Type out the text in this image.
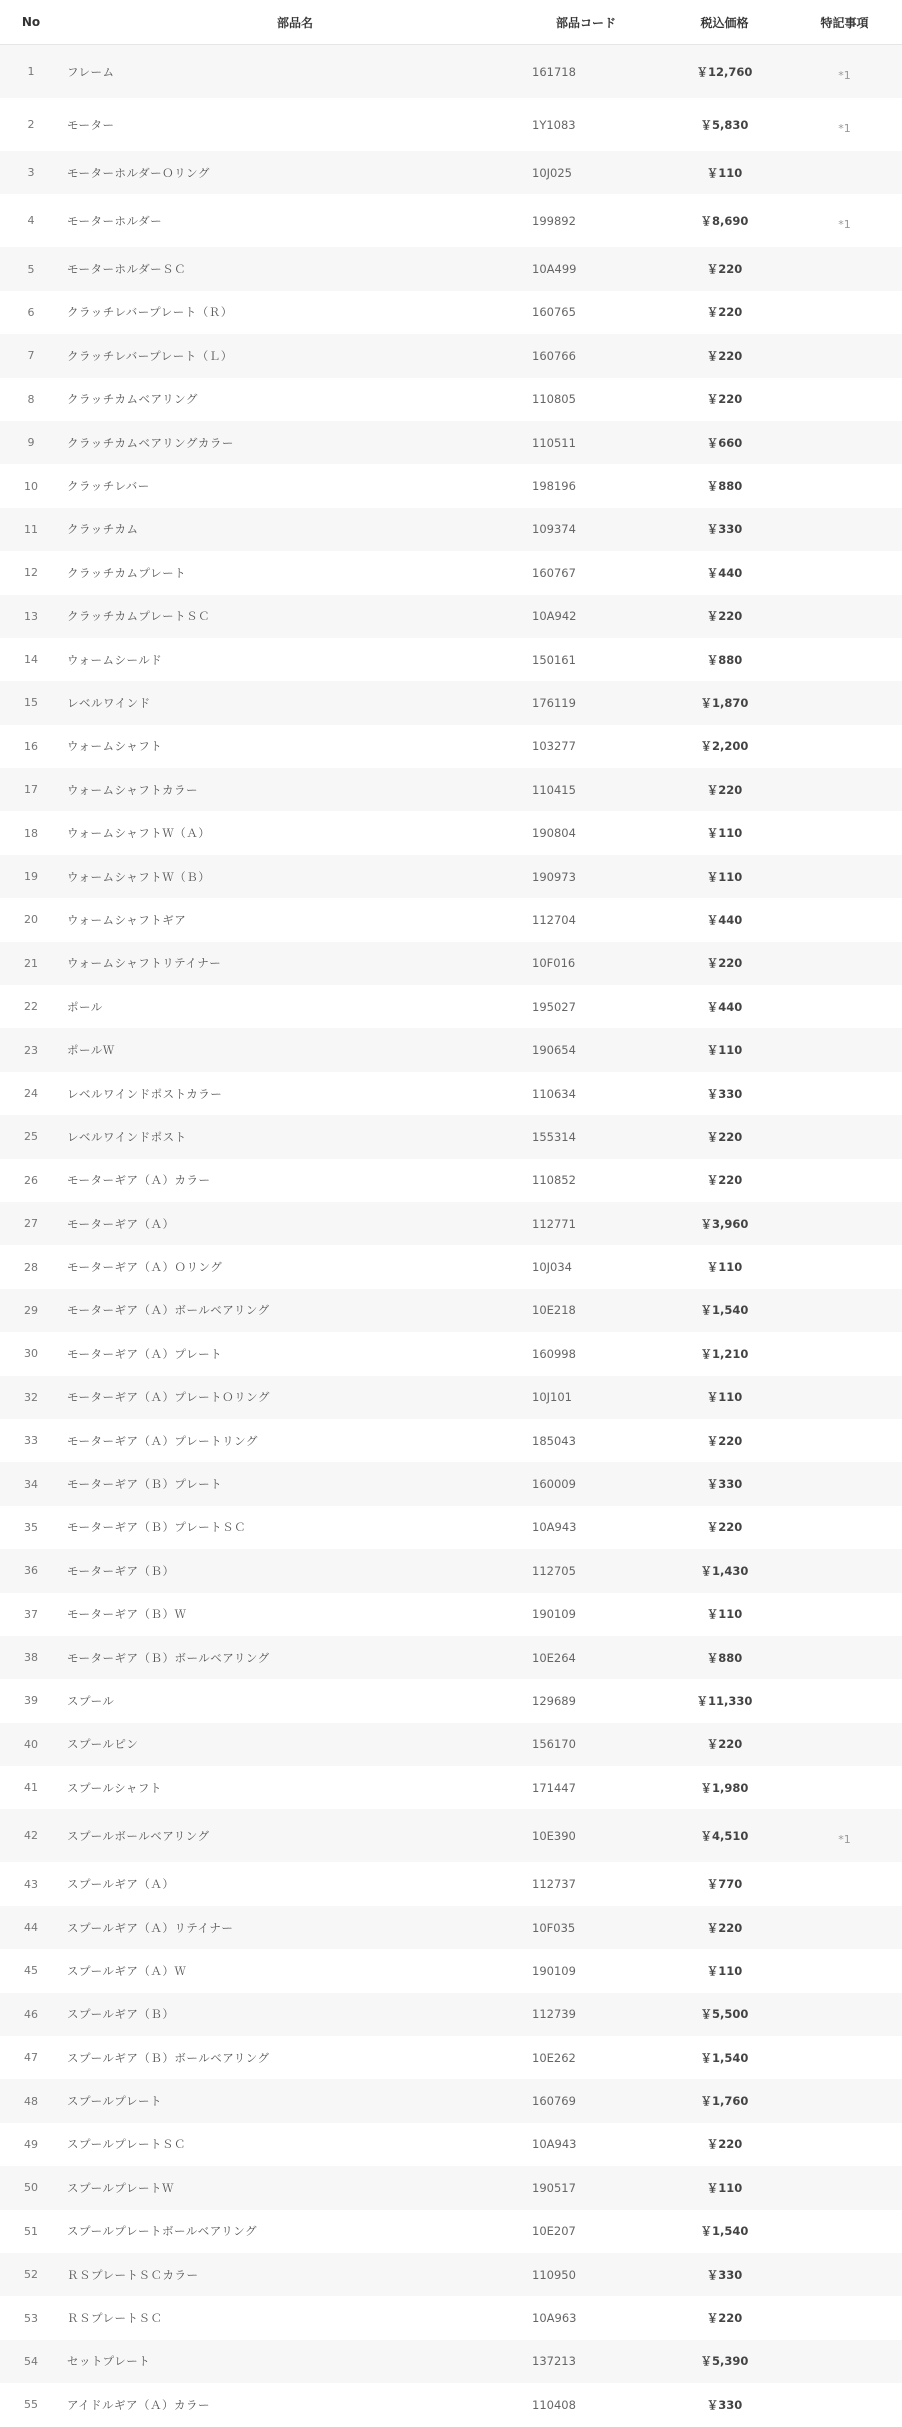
No	部品名	部品コード	税込価格	特記事項
1	フレーム	161718	￥12,760	*1
2	モーター	1Y1083	￥5,830	*1
3	モーターホルダーＯリング	10J025	￥110	
4	モーターホルダー	199892	￥8,690	*1
5	モーターホルダーＳＣ	10A499	￥220	
6	クラッチレバープレート（Ｒ）	160765	￥220	
7	クラッチレバープレート（Ｌ）	160766	￥220	
8	クラッチカムベアリング	110805	￥220	
9	クラッチカムベアリングカラー	110511	￥660	
10	クラッチレバー	198196	￥880	
11	クラッチカム	109374	￥330	
12	クラッチカムプレート	160767	￥440	
13	クラッチカムプレートＳＣ	10A942	￥220	
14	ウォームシールド	150161	￥880	
15	レベルワインド	176119	￥1,870	
16	ウォームシャフト	103277	￥2,200	
17	ウォームシャフトカラー	110415	￥220	
18	ウォームシャフトＷ（Ａ）	190804	￥110	
19	ウォームシャフトＷ（Ｂ）	190973	￥110	
20	ウォームシャフトギア	112704	￥440	
21	ウォームシャフトリテイナー	10F016	￥220	
22	ポール	195027	￥440	
23	ポールＷ	190654	￥110	
24	レベルワインドポストカラー	110634	￥330	
25	レベルワインドポスト	155314	￥220	
26	モーターギア（Ａ）カラー	110852	￥220	
27	モーターギア（Ａ）	112771	￥3,960	
28	モーターギア（Ａ）Ｏリング	10J034	￥110	
29	モーターギア（Ａ）ボールベアリング	10E218	￥1,540	
30	モーターギア（Ａ）プレート	160998	￥1,210	
32	モーターギア（Ａ）プレートＯリング	10J101	￥110	
33	モーターギア（Ａ）プレートリング	185043	￥220	
34	モーターギア（Ｂ）プレート	160009	￥330	
35	モーターギア（Ｂ）プレートＳＣ	10A943	￥220	
36	モーターギア（Ｂ）	112705	￥1,430	
37	モーターギア（Ｂ）Ｗ	190109	￥110	
38	モーターギア（Ｂ）ボールベアリング	10E264	￥880	
39	スプール	129689	￥11,330	
40	スプールピン	156170	￥220	
41	スプールシャフト	171447	￥1,980	
42	スプールボールベアリング	10E390	￥4,510	*1
43	スプールギア（Ａ）	112737	￥770	
44	スプールギア（Ａ）リテイナー	10F035	￥220	
45	スプールギア（Ａ）Ｗ	190109	￥110	
46	スプールギア（Ｂ）	112739	￥5,500	
47	スプールギア（Ｂ）ボールベアリング	10E262	￥1,540	
48	スプールプレート	160769	￥1,760	
49	スプールプレートＳＣ	10A943	￥220	
50	スプールプレートＷ	190517	￥110	
51	スプールプレートボールベアリング	10E207	￥1,540	
52	ＲＳプレートＳＣカラー	110950	￥330	
53	ＲＳプレートＳＣ	10A963	￥220	
54	セットプレート	137213	￥5,390	
55	アイドルギア（Ａ）カラー	110408	￥330	
